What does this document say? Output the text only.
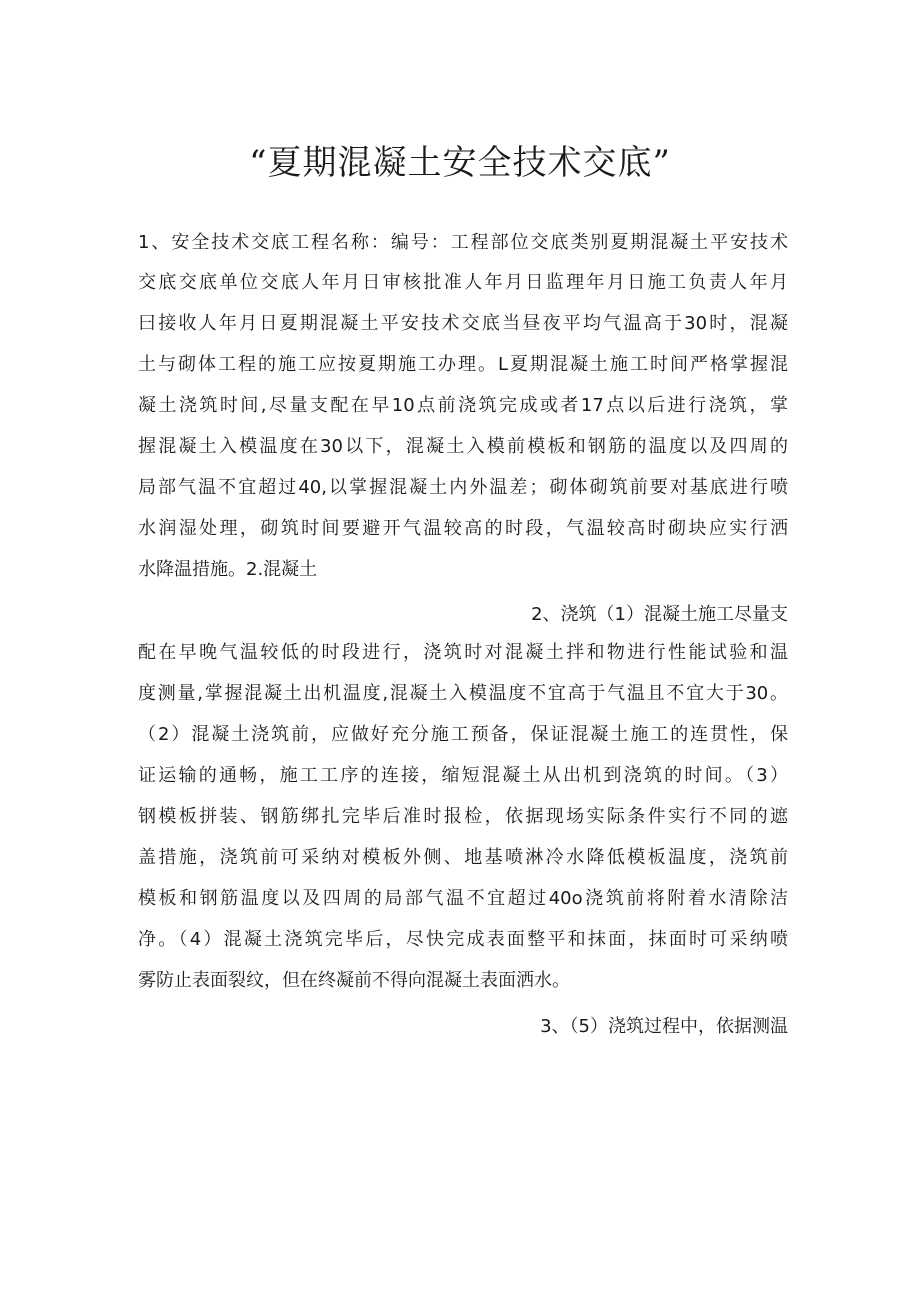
“夏期混凝土安全技术交底”
1、安全技术交底工程名称：编号：工程部位交底类别夏期混凝土平安技术
交底交底单位交底人年月日审核批准人年月日监理年月日施工负责人年月
曰接收人年月日夏期混凝土平安技术交底当昼夜平均气温高于30时，混凝
土与砌体工程的施工应按夏期施工办理。L夏期混凝土施工时间严格掌握混
凝土浇筑时间,尽量支配在早10点前浇筑完成或者17点以后进行浇筑，掌
握混凝土入模温度在30以下，混凝土入模前模板和钢筋的温度以及四周的
局部气温不宜超过40,以掌握混凝土内外温差；砌体砌筑前要对基底进行喷
水润湿处理，砌筑时间要避开气温较高的时段，气温较高时砌块应实行洒
水降温措施。2.混凝土
2、浇筑（1）混凝土施工尽量支
配在早晚气温较低的时段进行，浇筑时对混凝土拌和物进行性能试验和温
度测量,掌握混凝土出机温度,混凝土入模温度不宜高于气温且不宜大于30。
（2）混凝土浇筑前，应做好充分施工预备，保证混凝土施工的连贯性，保
证运输的通畅，施工工序的连接，缩短混凝土从出机到浇筑的时间。（3）
钢模板拼装、钢筋绑扎完毕后准时报检，依据现场实际条件实行不同的遮
盖措施，浇筑前可采纳对模板外侧、地基喷淋冷水降低模板温度，浇筑前
模板和钢筋温度以及四周的局部气温不宜超过40o浇筑前将附着水清除洁
净。（4）混凝土浇筑完毕后，尽快完成表面整平和抹面，抹面时可采纳喷
雾防止表面裂纹，但在终凝前不得向混凝土表面洒水。
3、（5）浇筑过程中，依据测温
